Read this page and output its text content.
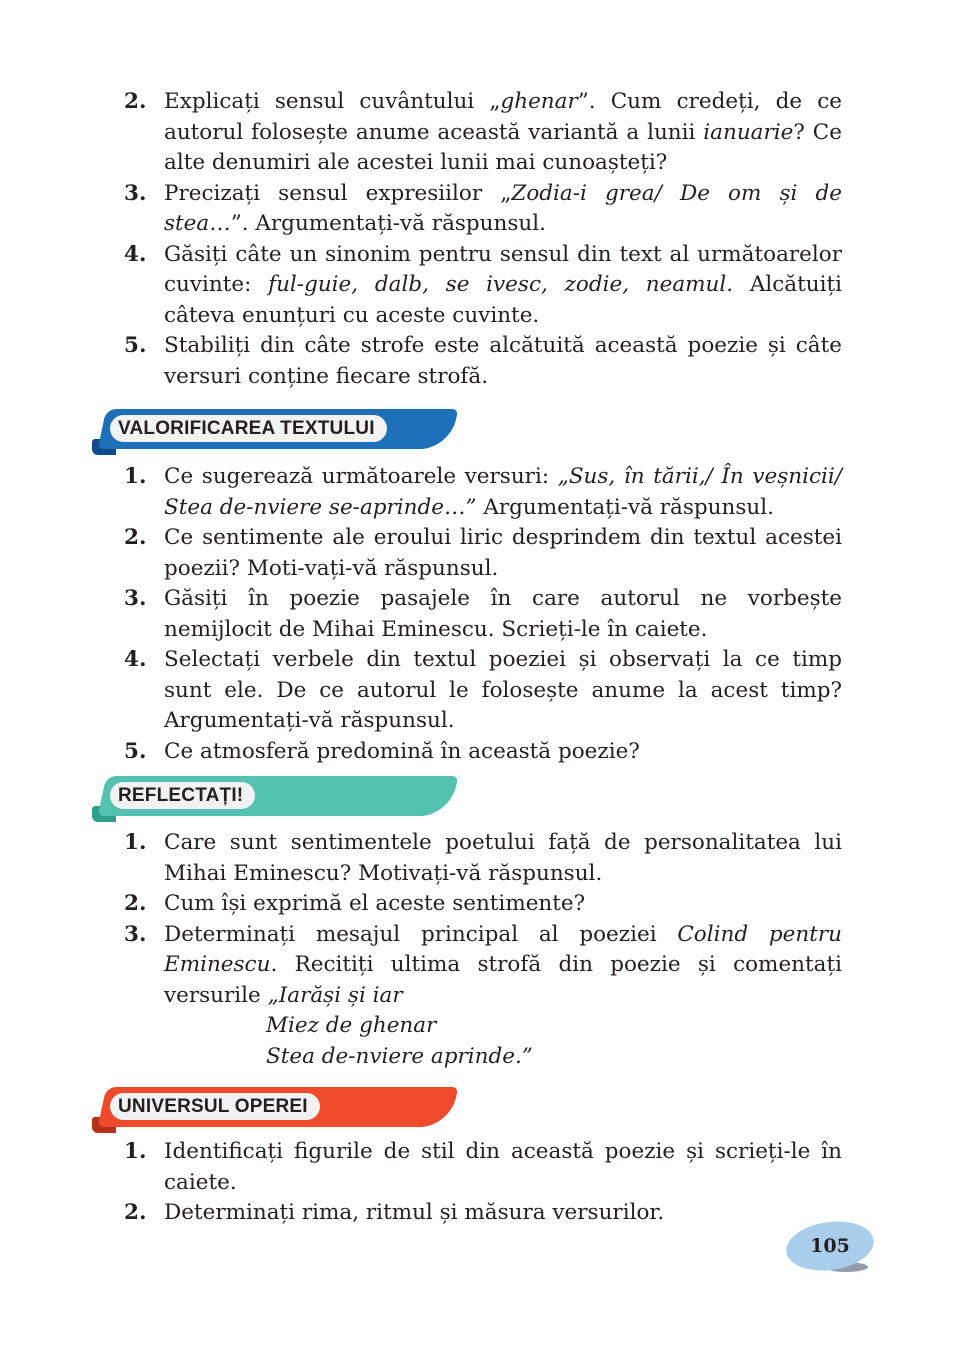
2. Explicați sensul cuvântului „ghenar”. Cum credeți, de ce autorul folosește anume această variantă a lunii ianuarie? Ce alte denumiri ale acestei lunii mai cunoașteți?
3. Precizați sensul expresiilor „Zodia-i grea/ De om și de stea…”. Argumentați-vă răspunsul.
4. Găsiți câte un sinonim pentru sensul din text al următoarelor cuvinte: ful-guie, dalb, se ivesc, zodie, neamul. Alcătuiți câteva enunțuri cu aceste cuvinte.
5. Stabiliți din câte strofe este alcătuită această poezie și câte versuri conține fiecare strofă.
VALORIFICAREA TEXTULUI
1. Ce sugerează următoarele versuri: „Sus, în tării,/ În veșnicii/ Stea de-nviere se-aprinde…” Argumentați-vă răspunsul.
2. Ce sentimente ale eroului liric desprindem din textul acestei poezii? Moti-vați-vă răspunsul.
3. Găsiți în poezie pasajele în care autorul ne vorbește nemijlocit de Mihai Eminescu. Scrieți-le în caiete.
4. Selectați verbele din textul poeziei și observați la ce timp sunt ele. De ce autorul le folosește anume la acest timp? Argumentați-vă răspunsul.
5. Ce atmosferă predomină în această poezie?
REFLECTAȚI!
1. Care sunt sentimentele poetului față de personalitatea lui Mihai Eminescu? Motivați-vă răspunsul.
2. Cum își exprimă el aceste sentimente?
3. Determinați mesajul principal al poeziei Colind pentru Eminescu. Recitiți ultima strofă din poezie și comentați versurile „Iarăși și iar
Miez de ghenar
Stea de-nviere aprinde.”
UNIVERSUL OPEREI
1. Identificați figurile de stil din această poezie și scrieți-le în caiete.
2. Determinați rima, ritmul și măsura versurilor.
105
